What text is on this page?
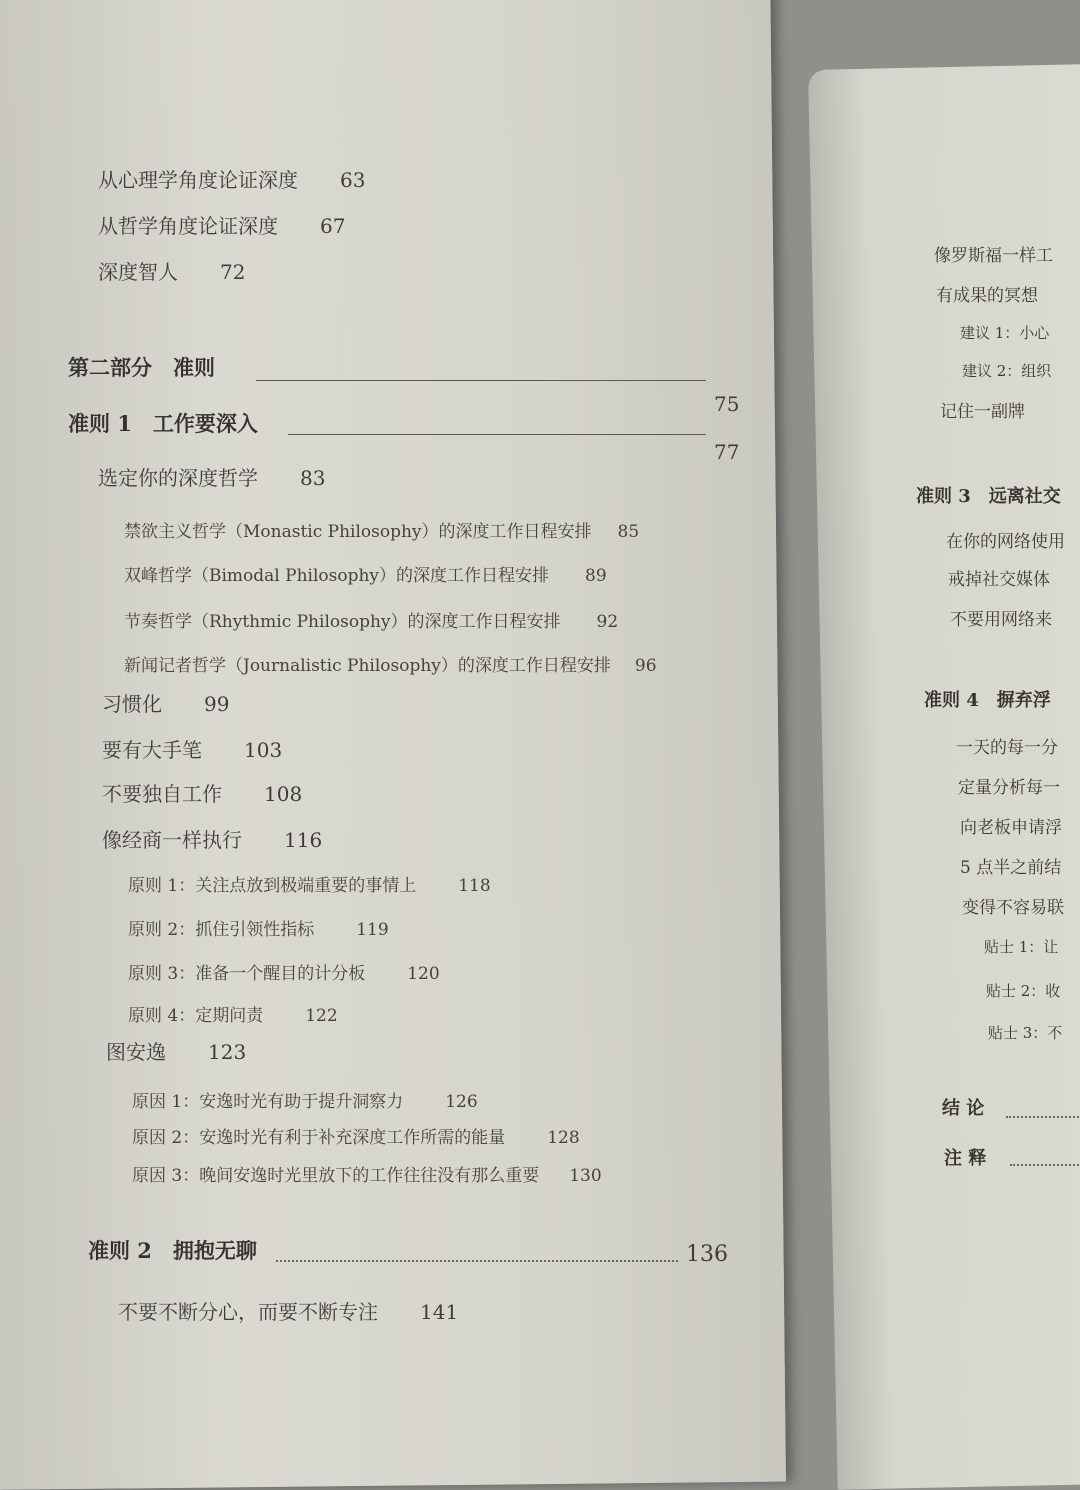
从心理学角度论证深度 63
从哲学角度论证深度 67
深度智人 72
第二部分　准则
75
准则 1　工作要深入
77
选定你的深度哲学 83
禁欲主义哲学（Monastic Philosophy）的深度工作日程安排 85
双峰哲学（Bimodal Philosophy）的深度工作日程安排 89
节奏哲学（Rhythmic Philosophy）的深度工作日程安排 92
新闻记者哲学（Journalistic Philosophy）的深度工作日程安排 96
习惯化 99
要有大手笔 103
不要独自工作 108
像经商一样执行 116
原则 1：关注点放到极端重要的事情上 118
原则 2：抓住引领性指标 119
原则 3：准备一个醒目的计分板 120
原则 4：定期问责 122
图安逸 123
原因 1：安逸时光有助于提升洞察力 126
原因 2：安逸时光有利于补充深度工作所需的能量 128
原因 3：晚间安逸时光里放下的工作往往没有那么重要 130
准则 2　拥抱无聊	136
不要不断分心，而要不断专注 141
像罗斯福一样工
有成果的冥想
建议 1：小心
建议 2：组织
记住一副牌
准则 3　远离社交
在你的网络使用
戒掉社交媒体
不要用网络来
准则 4　摒弃浮
一天的每一分
定量分析每一
向老板申请浮
5 点半之前结
变得不容易联
贴士 1：让
贴士 2：收
贴士 3：不
结 论
注 释
